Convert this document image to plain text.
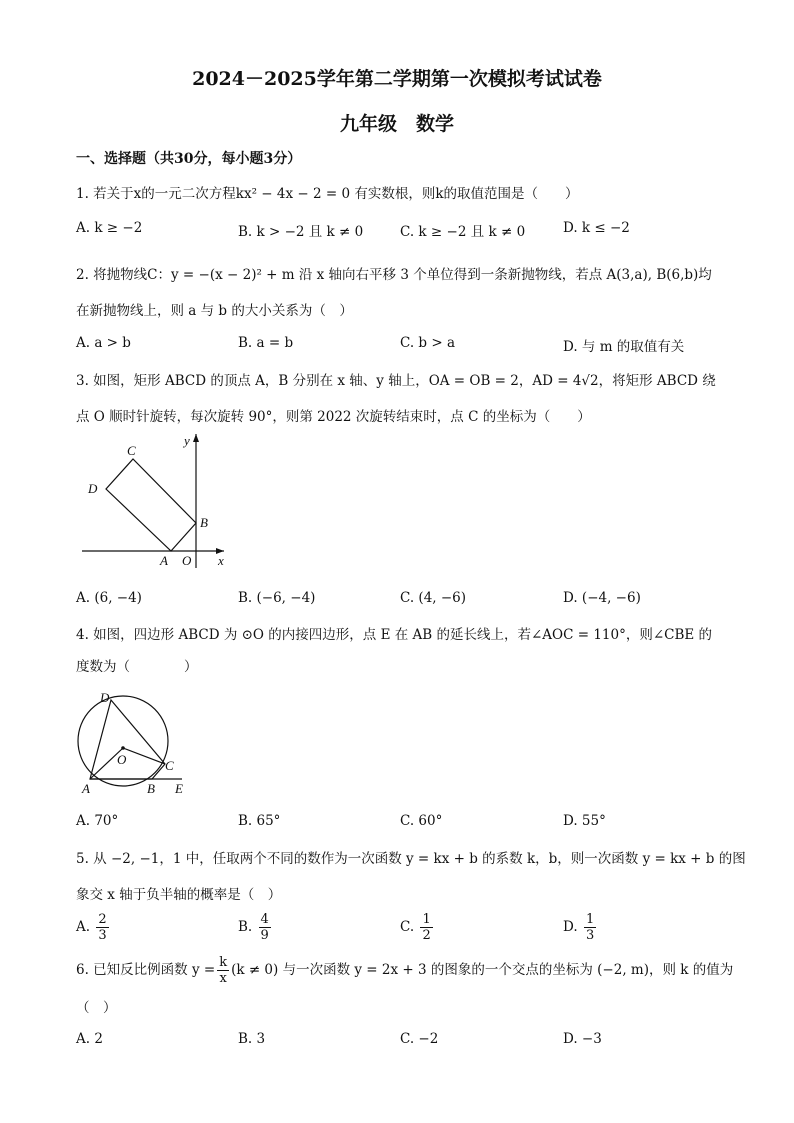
2024－2025学年第二学期第一次模拟考试试卷
九年级　数学
一、选择题（共30分，每小题3分）
1. 若关于x的一元二次方程kx² − 4x − 2 = 0 有实数根，则k的取值范围是（　　）
A. k ≥ −2	B. k > −2 且 k ≠ 0	C. k ≥ −2 且 k ≠ 0	D. k ≤ −2
2. 将抛物线C：y = −(x − 2)² + m 沿 x 轴向右平移 3 个单位得到一条新抛物线，若点 A(3,a), B(6,b)均
在新抛物线上，则 a 与 b 的大小关系为（　）
A. a > b	B. a = b	C. b > a	D. 与 m 的取值有关
3. 如图，矩形 ABCD 的顶点 A，B 分别在 x 轴、y 轴上，OA = OB = 2，AD = 4√2，将矩形 ABCD 绕
点 O 顺时针旋转，每次旋转 90°，则第 2022 次旋转结束时，点 C 的坐标为（　　）
C
D
y
B
A O x
A. (6, −4)	B. (−6, −4)	C. (4, −6)	D. (−4, −6)
4. 如图，四边形 ABCD 为 ⊙O 的内接四边形，点 E 在 AB 的延长线上，若∠AOC = 110°，则∠CBE 的
度数为（　　　　）
D
O	C
A	B E
A. 70°	B. 65°	C. 60°	D. 55°
5. 从 −2, −1，1 中，任取两个不同的数作为一次函数 y = kx + b 的系数 k，b，则一次函数 y = kx + b 的图
象交 x 轴于负半轴的概率是（　）
A. $\frac{2}{3}$	B. $\frac{4}{9}$	C. $\frac{1}{2}$	D. $\frac{1}{3}$
6. 已知反比例函数 $y = \frac{k}{x} (k \ne 0)$ 与一次函数 y = 2x + 3 的图象的一个交点的坐标为 (−2, m)，则 k 的值为
（　）
A. 2	B. 3	C. −2	D. −3
